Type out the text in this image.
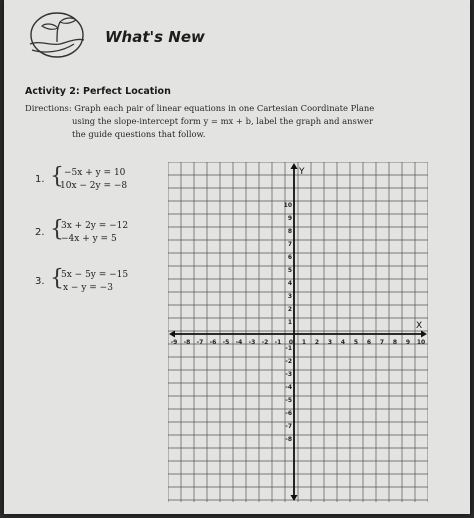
What's New
Activity 2: Perfect Location
Directions: Graph each pair of linear equations in one Cartesian Coordinate Plane
using the slope-intercept form y = mx + b, label the graph and answer
the guide questions that follow.
1. { −5x + y = 10
10x − 2y = −8
2. {
3x + 2y = −12
−4x + y = 5
3. {
5x − 5y = −15
x − y = −3
X
Y
-9 -8 -7 -6 -5 -4 -3 -2 -1 0 1 2 3 4 5 6 7 8 9 10
10
9
8
7
6
5
4
3
2
1
-1
-2
-3
-4
-5
-6
-7
-8
